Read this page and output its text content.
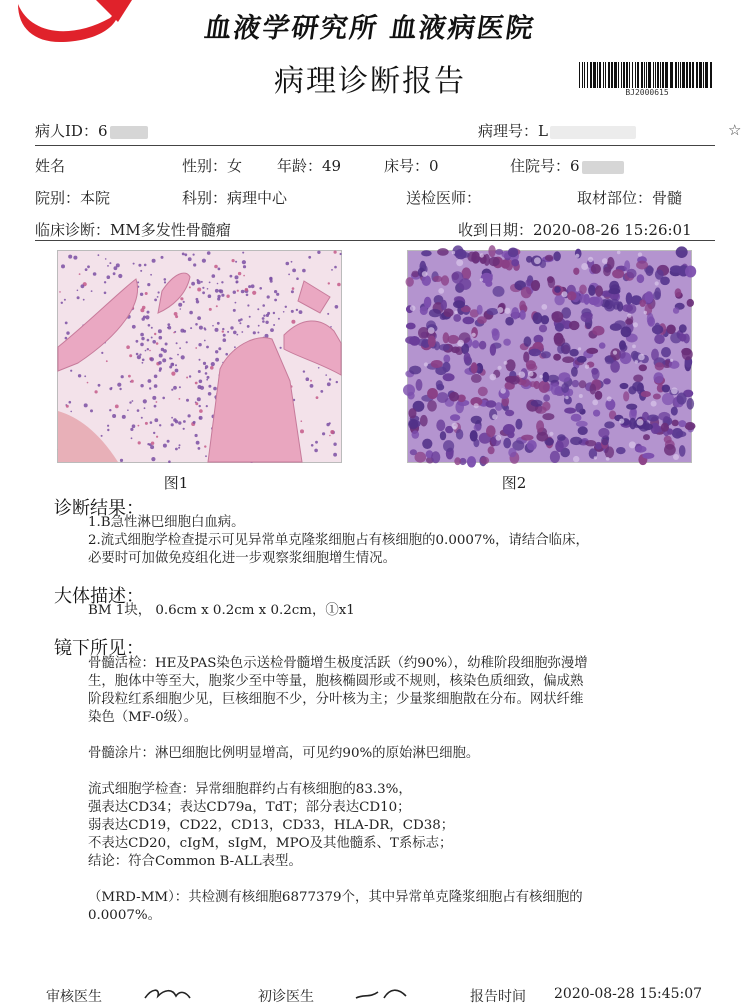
血液学研究所 血液病医院
病理诊断报告	BJ2000615
病人ID：6	病理号：L	☆
姓名	性别：女 年龄：49	床号：0	住院号：6
院别：本院	科别：病理中心	送检医师：	取材部位：骨髓
临床诊断：MM多发性骨髓瘤	收到日期：2020-08-26 15:26:01
图1	图2
诊断结果：

1.B急性淋巴细胞白血病。

2.流式细胞学检查提示可见异常单克隆浆细胞占有核细胞的0.0007%，请结合临床，

必要时可加做免疫组化进一步观察浆细胞增生情况。

大体描述：

BM 1块， 0.6cm x 0.2cm x 0.2cm，①x1

镜下所见：

骨髓活检：HE及PAS染色示送检骨髓增生极度活跃（约90%），幼稚阶段细胞弥漫增

生，胞体中等至大，胞浆少至中等量，胞核椭圆形或不规则，核染色质细致，偏成熟

阶段粒红系细胞少见，巨核细胞不少，分叶核为主；少量浆细胞散在分布。网状纤维

染色（MF-0级）。

骨髓涂片：淋巴细胞比例明显增高，可见约90%的原始淋巴细胞。

流式细胞学检查：异常细胞群约占有核细胞的83.3%，

强表达CD34；表达CD79a，TdT；部分表达CD10；

弱表达CD19，CD22，CD13，CD33，HLA-DR，CD38；

不表达CD20，cIgM，sIgM，MPO及其他髓系、T系标志；

结论：符合Common B-ALL表型。

（MRD-MM）：共检测有核细胞6877379个，其中异常单克隆浆细胞占有核细胞的

0.0007%。

审核医生	初诊医生	报告时间 2020-08-28 15:45:07
